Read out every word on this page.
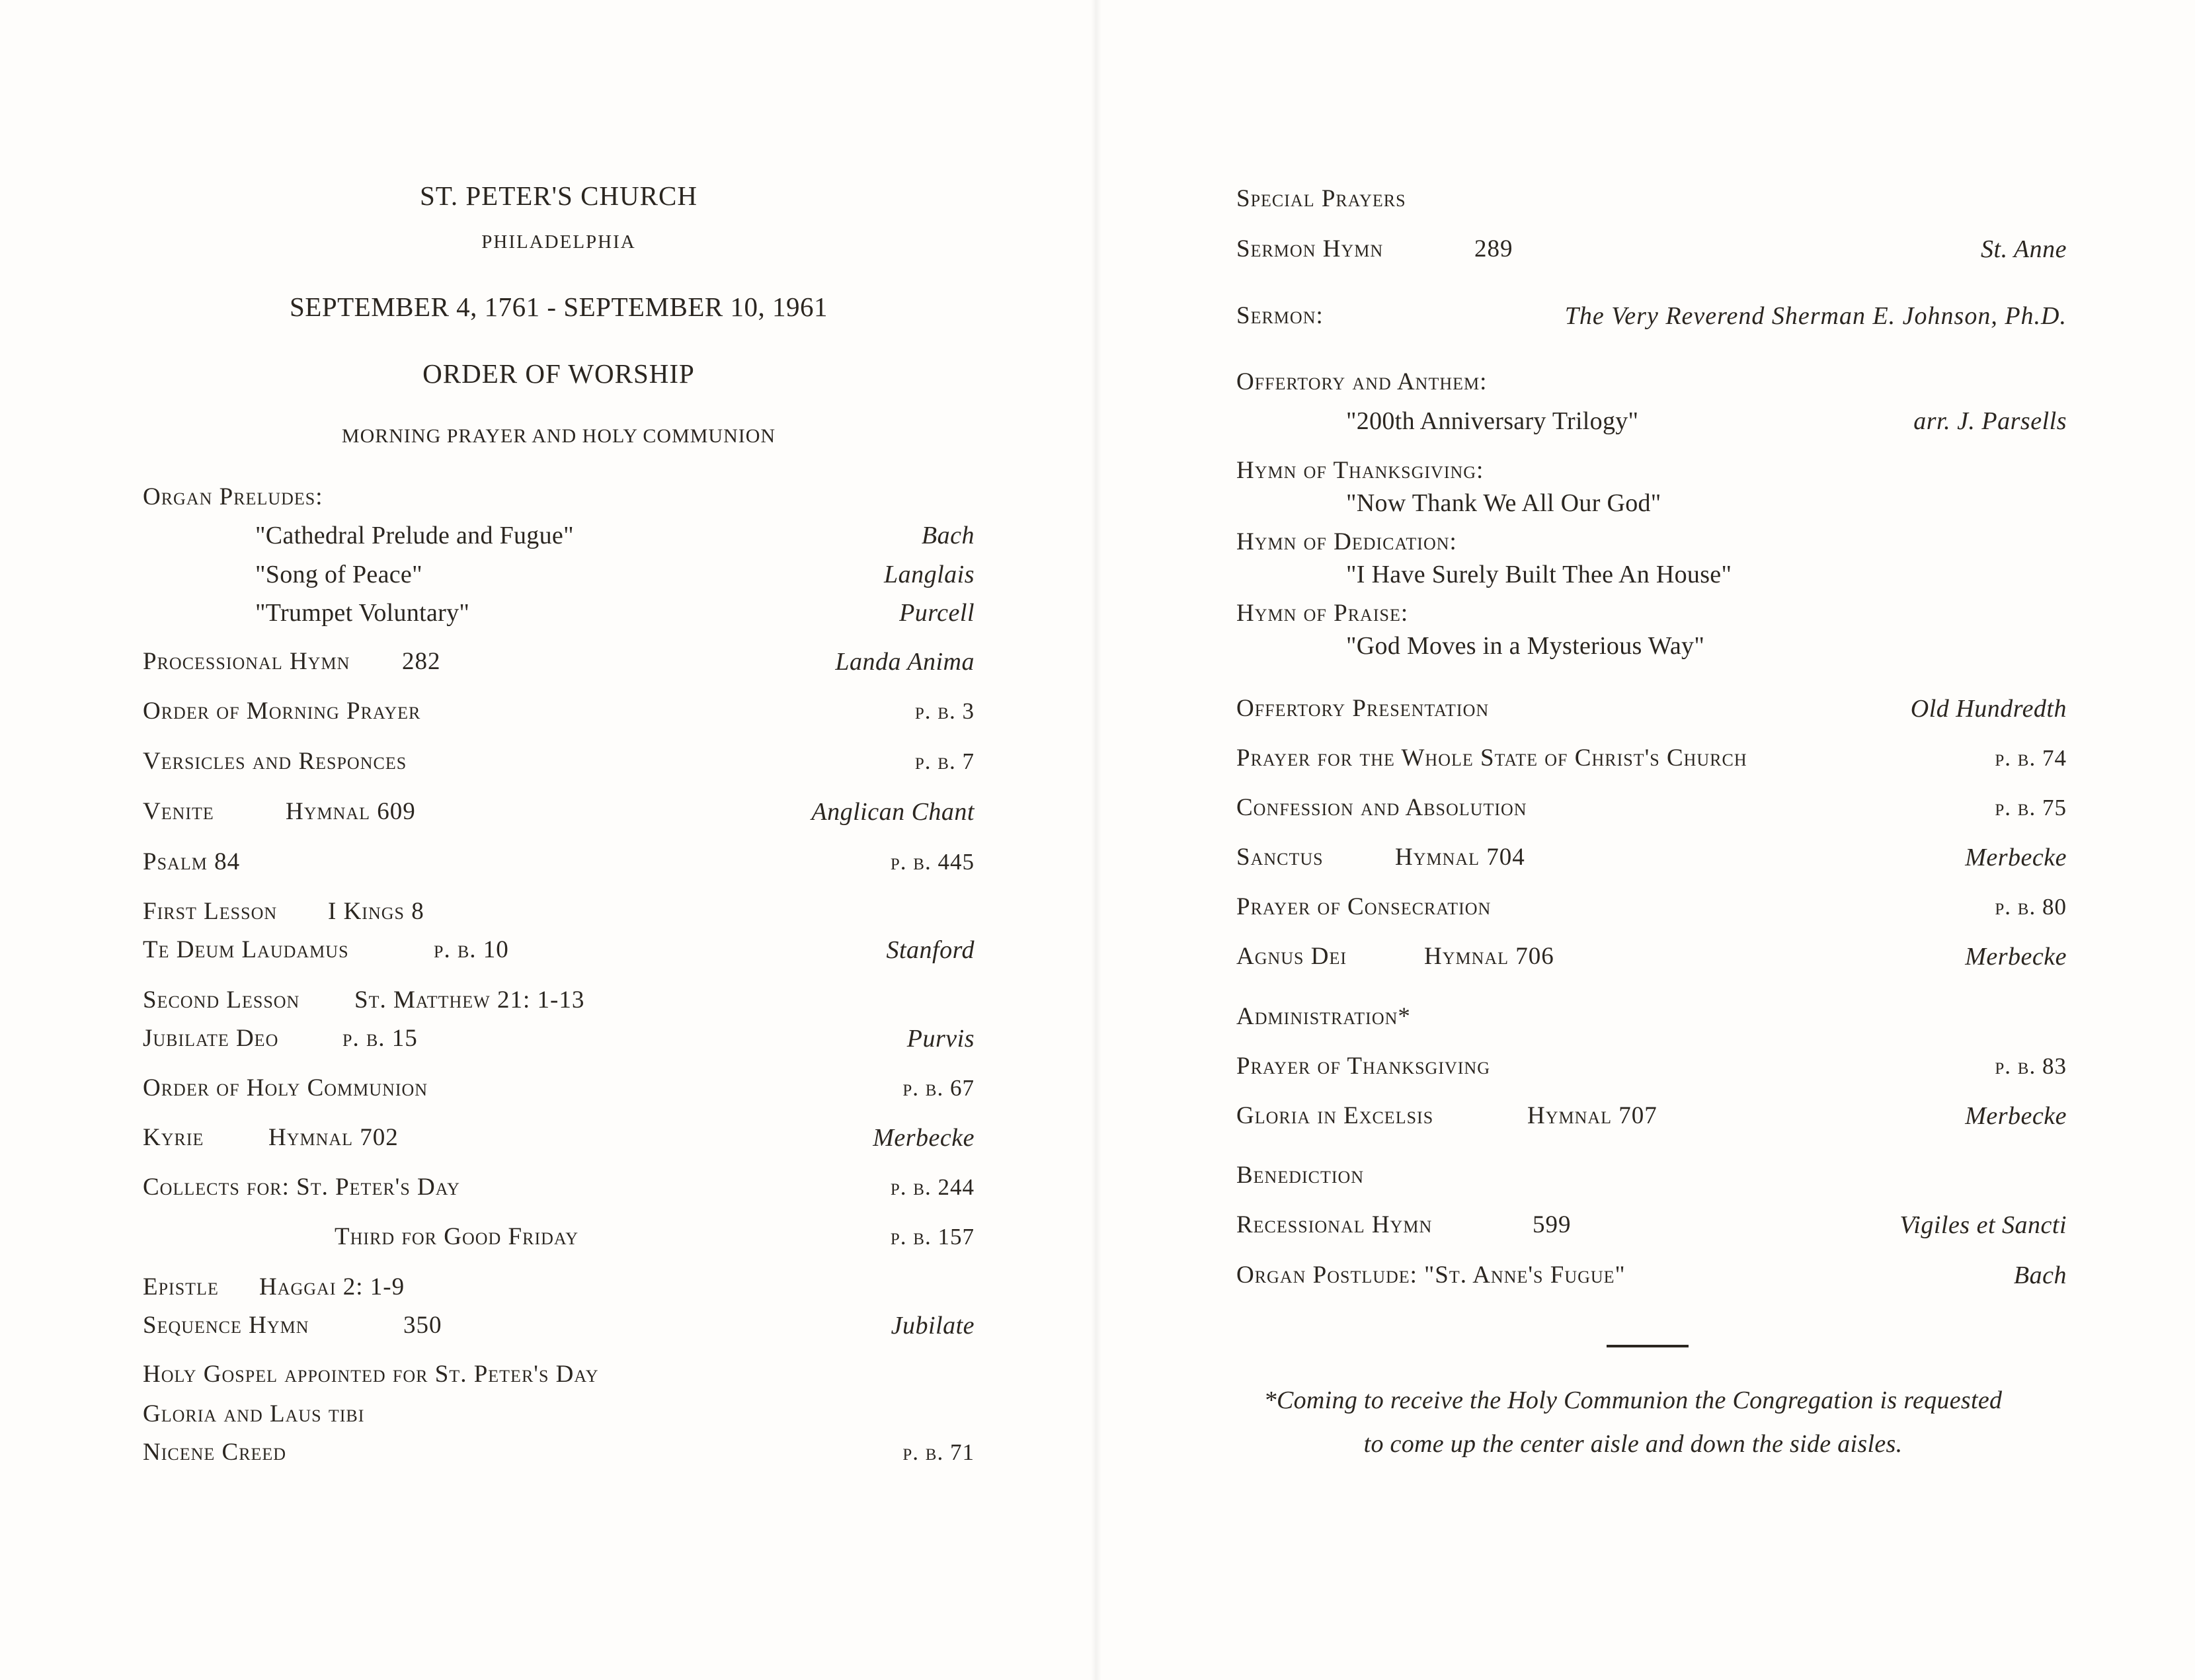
ST. PETER'S CHURCH
PHILADELPHIA
SEPTEMBER 4, 1761 - SEPTEMBER 10, 1961
ORDER OF WORSHIP
MORNING PRAYER AND HOLY COMMUNION
Organ Preludes:
"Cathedral Prelude and Fugue"	Bach
"Song of Peace"	Langlais
"Trumpet Voluntary"	Purcell
Processional Hymn 282	Landa Anima
Order of Morning Prayer	p. b. 3
Versicles and Responces	p. b. 7
Venite	Hymnal 609	Anglican Chant
Psalm 84	p. b. 445
First Lesson I Kings 8
Te Deum Laudamus	p. b. 10	Stanford
Second Lesson St. Matthew 21: 1-13
Jubilate Deo	p. b. 15	Purvis
Order of Holy Communion	p. b. 67
Kyrie	Hymnal 702	Merbecke
Collects for: St. Peter's Day	p. b. 244
Third for Good Friday	p. b. 157
Epistle Haggai 2: 1-9
Sequence Hymn	350	Jubilate
Holy Gospel appointed for St. Peter's Day
Gloria and Laus tibi
Nicene Creed	p. b. 71
Special Prayers
Sermon Hymn	289	St. Anne
Sermon:	The Very Reverend Sherman E. Johnson, Ph.D.
Offertory and Anthem:
"200th Anniversary Trilogy"	arr. J. Parsells
Hymn of Thanksgiving:
"Now Thank We All Our God"
Hymn of Dedication:
"I Have Surely Built Thee An House"
Hymn of Praise:
"God Moves in a Mysterious Way"
Offertory Presentation	Old Hundredth
Prayer for the Whole State of Christ's Church	p. b. 74
Confession and Absolution	p. b. 75
Sanctus	Hymnal 704	Merbecke
Prayer of Consecration	p. b. 80
Agnus Dei	Hymnal 706	Merbecke
Administration*
Prayer of Thanksgiving	p. b. 83
Gloria in Excelsis	Hymnal 707	Merbecke
Benediction
Recessional Hymn	599	Vigiles et Sancti
Organ Postlude: "St. Anne's Fugue"	Bach
*Coming to receive the Holy Communion the Congregation is requested
to come up the center aisle and down the side aisles.
